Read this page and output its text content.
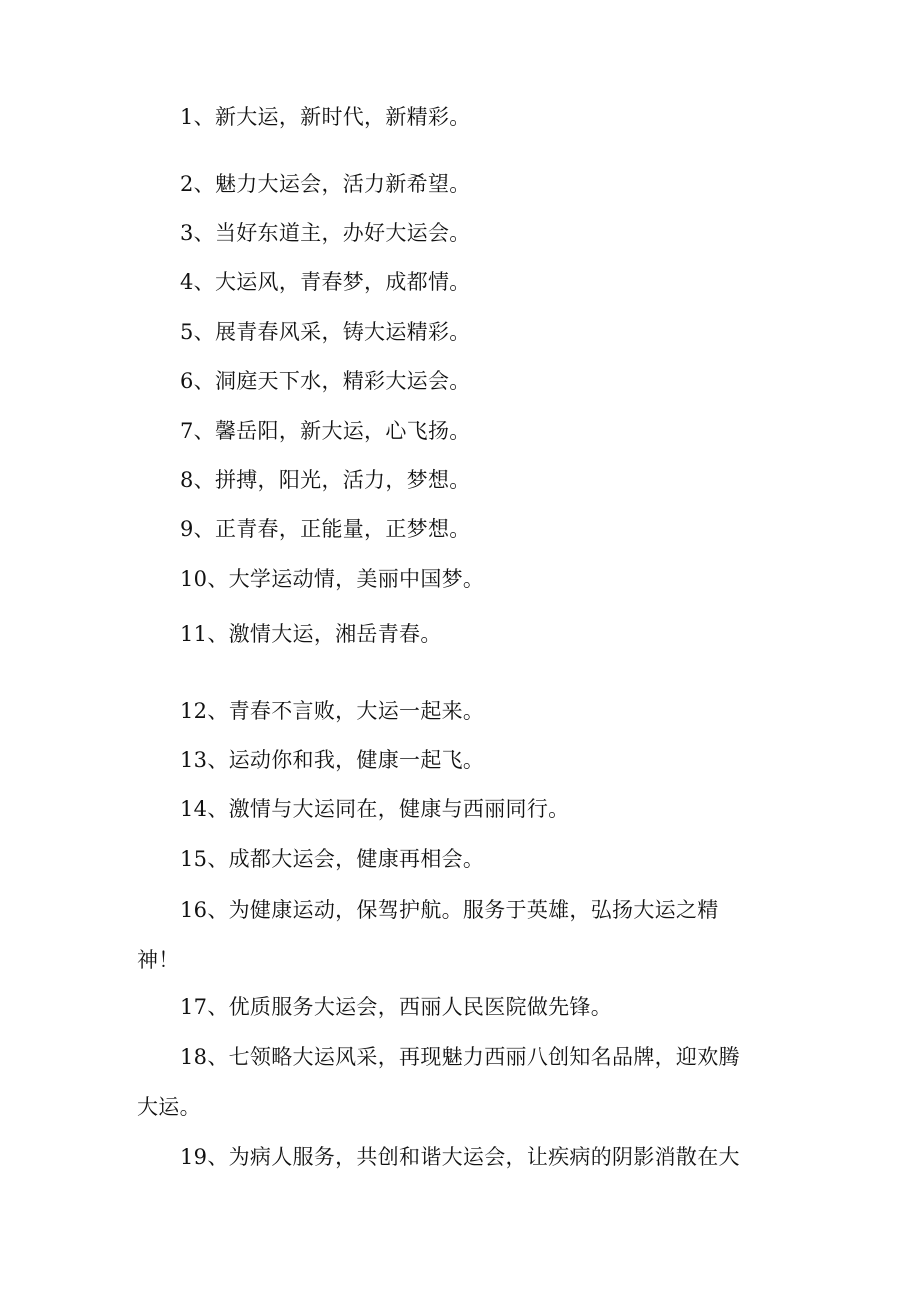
1、新大运，新时代，新精彩。
2、魅力大运会，活力新希望。
3、当好东道主，办好大运会。
4、大运风，青春梦，成都情。
5、展青春风采，铸大运精彩。
6、洞庭天下水，精彩大运会。
7、馨岳阳，新大运，心飞扬。
8、拼搏，阳光，活力，梦想。
9、正青春，正能量，正梦想。
10、大学运动情，美丽中国梦。
11、激情大运，湘岳青春。
12、青春不言败，大运一起来。
13、运动你和我，健康一起飞。
14、激情与大运同在，健康与西丽同行。
15、成都大运会，健康再相会。
16、为健康运动，保驾护航。服务于英雄，弘扬大运之精
神！
17、优质服务大运会，西丽人民医院做先锋。
18、七领略大运风采，再现魅力西丽八创知名品牌，迎欢腾
大运。
19、为病人服务，共创和谐大运会，让疾病的阴影消散在大
